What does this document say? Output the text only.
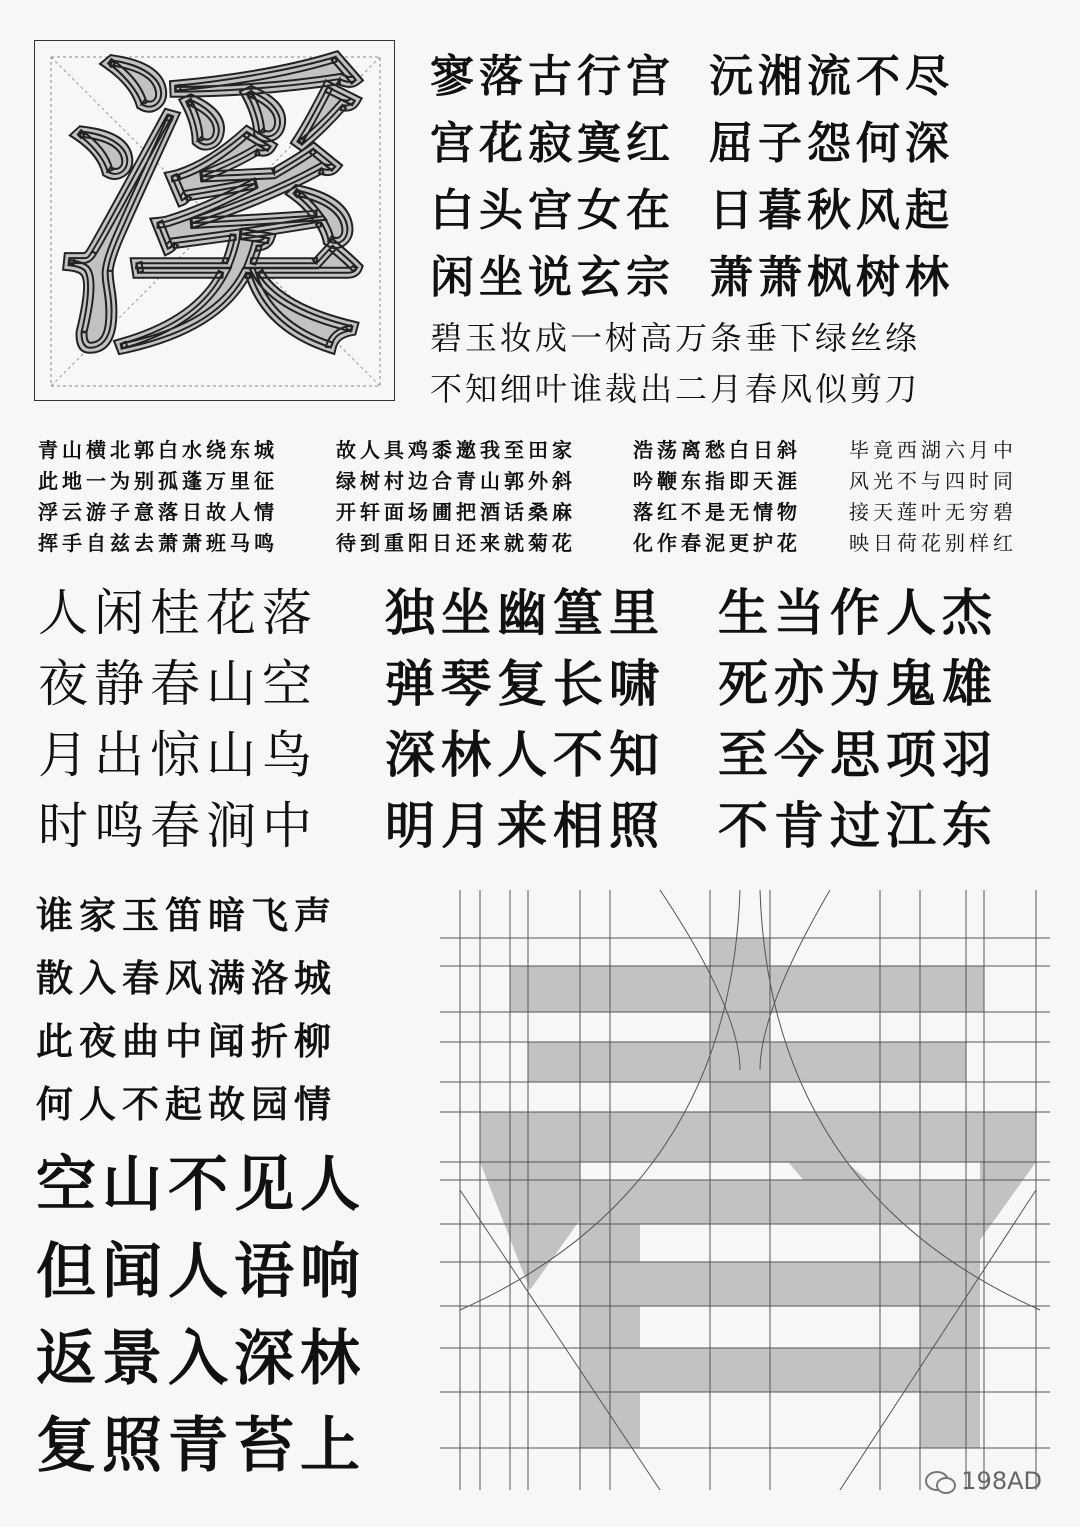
溪 寥落古行宫 沅湘流不尽
宫花寂寞红 屈子怨何深
白头宫女在 日暮秋风起
闲坐说玄宗 萧萧枫树林
碧玉妆成一树高万条垂下绿丝绦
不知细叶谁裁出二月春风似剪刀
青山横北郭白水绕东城
此地一为别孤蓬万里征
浮云游子意落日故人情
挥手自兹去萧萧班马鸣
故人具鸡黍邀我至田家
绿树村边合青山郭外斜
开轩面场圃把酒话桑麻
待到重阳日还来就菊花
浩荡离愁白日斜
吟鞭东指即天涯
落红不是无情物
化作春泥更护花
毕竟西湖六月中
风光不与四时同
接天莲叶无穷碧
映日荷花别样红
人闲桂花落
夜静春山空
月出惊山鸟
时鸣春涧中
独坐幽篁里
弹琴复长啸
深林人不知
明月来相照
生当作人杰
死亦为鬼雄
至今思项羽
不肯过江东
谁家玉笛暗飞声
散入春风满洛城
此夜曲中闻折柳
何人不起故园情
空山不见人
但闻人语响
返景入深林
复照青苔上	198AD
